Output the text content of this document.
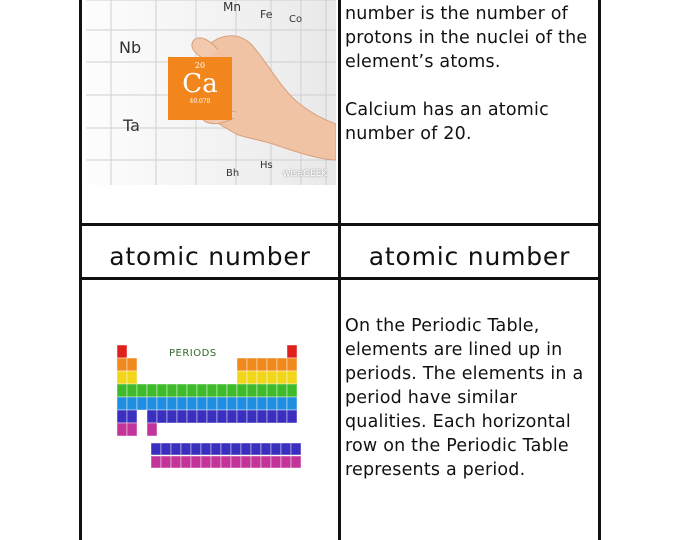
Nb
Ta
Mn
Fe Co
Bh
Hs
20
Ca
40.078
wiseGEEK
number is the number of
protons in the nuclei of the
element’s atoms.
Calcium has an atomic
number of 20.
atomic number	atomic number
PERIODS
On the Periodic Table,
elements are lined up in
periods. The elements in a
period have similar
qualities. Each horizontal
row on the Periodic Table
represents a period.
